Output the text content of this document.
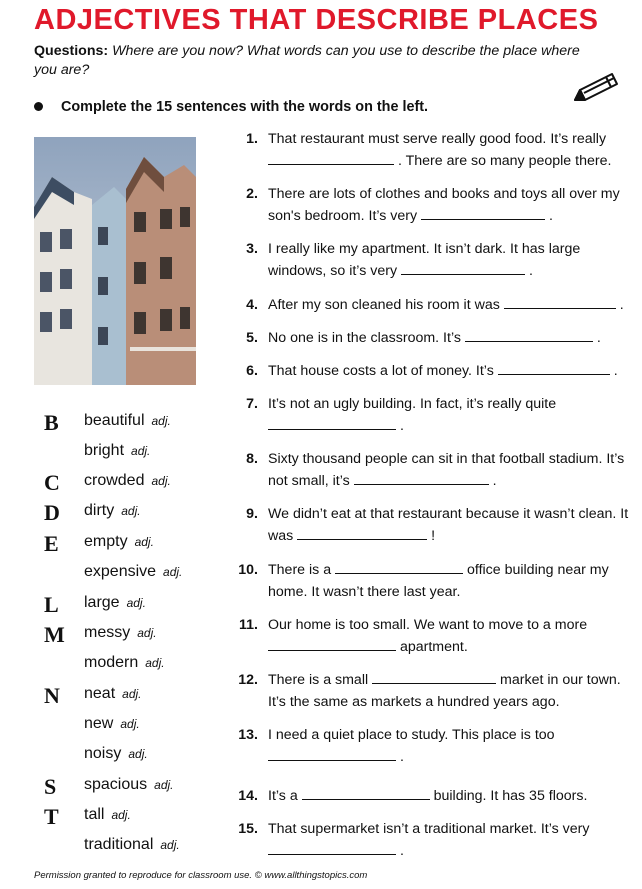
ADJECTIVES THAT DESCRIBE PLACES
Questions: Where are you now? What words can you use to describe the place where you are?
Complete the 15 sentences with the words on the left.
B beautiful adj.
bright adj.
C crowded adj.
D dirty adj.
E empty adj.
expensive adj.
L large adj.
M messy adj.
modern adj.
N neat adj.
new adj.
noisy adj.
S spacious adj.
T tall adj.
traditional adj.
1. That restaurant must serve really good food. It’s really
. There are so many people there.
2. There are lots of clothes and books and toys all over my son's bedroom. It’s very	.
3. I really like my apartment. It isn’t dark. It has large windows, so it’s very	.
4. After my son cleaned his room it was	.
5. No one is in the classroom. It’s	.
6. That house costs a lot of money. It’s	.
7. It’s not an ugly building. In fact, it’s really quite
.
8. Sixty thousand people can sit in that football stadium. It’s not small, it’s	.
9. We didn’t eat at that restaurant because it wasn’t clean. It was	!
10. There is a	office building near my home. It wasn’t there last year.
11. Our home is too small. We want to move to a more
apartment.
12. There is a small	market in our town. It’s the same as markets a hundred years ago.
13. I need a quiet place to study. This place is too
.
14. It’s a	building. It has 35 floors.
15. That supermarket isn’t a traditional market. It’s very
.
Permission granted to reproduce for classroom use. © www.allthingstopics.com
